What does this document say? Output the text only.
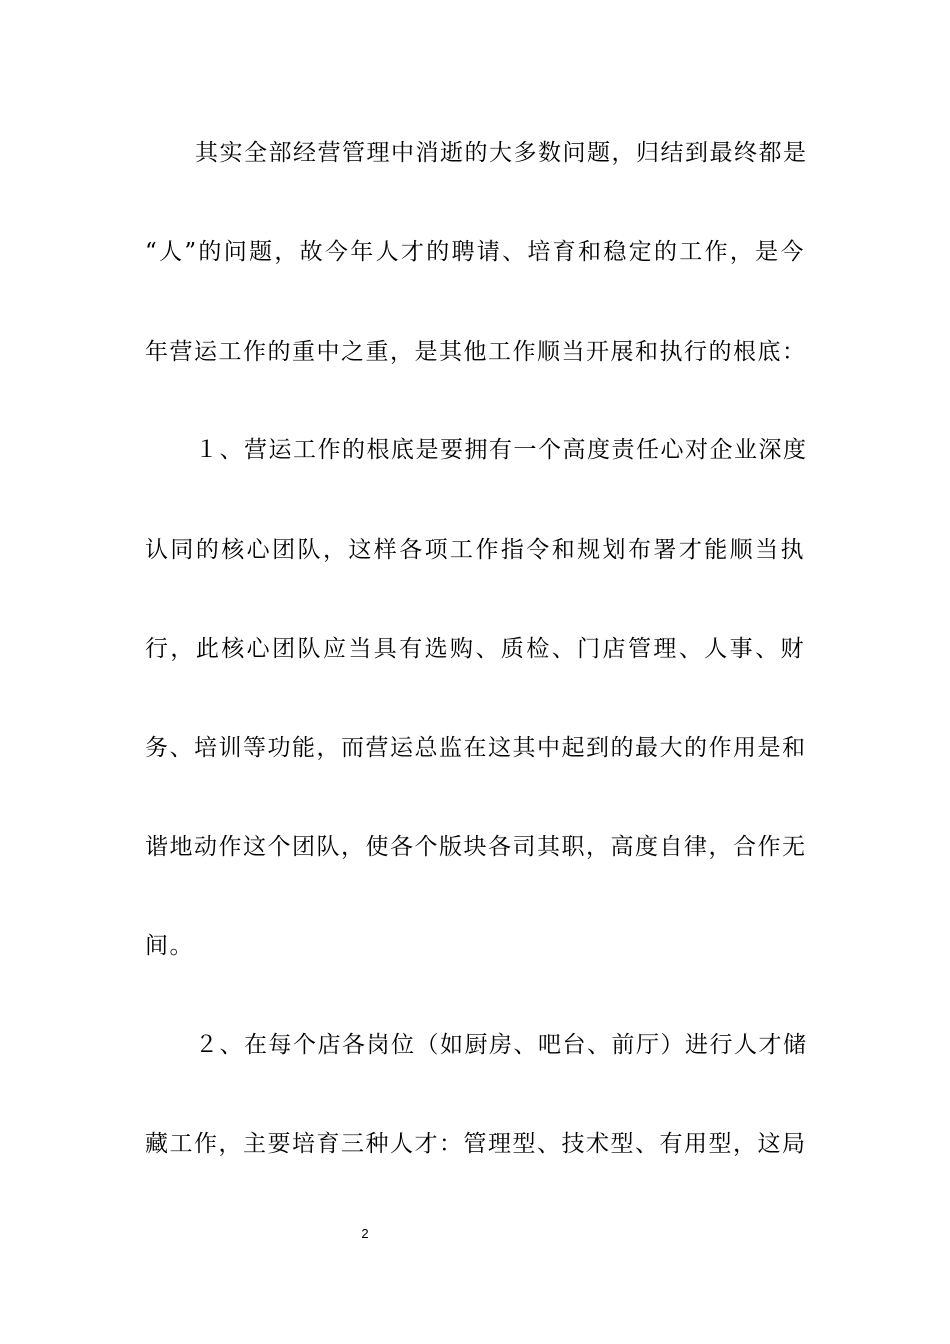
其实全部经营管理中消逝的大多数问题，归结到最终都是
“人”的问题，故今年人才的聘请、培育和稳定的工作，是今
年营运工作的重中之重，是其他工作顺当开展和执行的根底：
１、营运工作的根底是要拥有一个高度责任心对企业深度
认同的核心团队，这样各项工作指令和规划布署才能顺当执
行，此核心团队应当具有选购、质检、门店管理、人事、财
务、培训等功能，而营运总监在这其中起到的最大的作用是和
谐地动作这个团队，使各个版块各司其职，高度自律，合作无
间。
２、在每个店各岗位（如厨房、吧台、前厅）进行人才储
藏工作，主要培育三种人才：管理型、技术型、有用型，这局
2
